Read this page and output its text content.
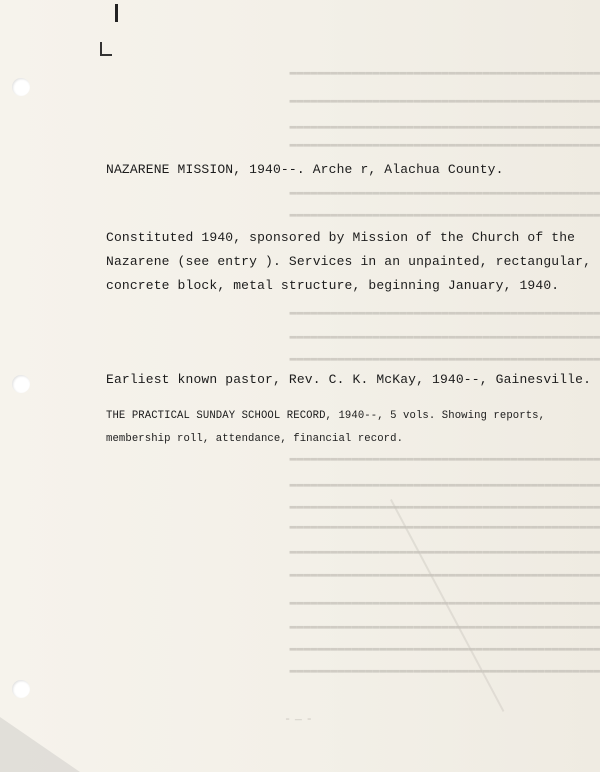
▬▬▬▬▬▬▬▬▬▬▬▬▬▬▬▬▬▬▬▬▬▬▬▬▬▬▬▬▬▬▬▬▬▬▬▬▬▬▬▬▬▬▬▬▬
▬▬▬▬▬▬▬▬▬▬▬▬▬▬▬▬▬▬▬▬▬▬▬▬▬▬▬▬▬▬▬▬▬▬▬▬▬▬▬▬▬▬▬▬▬
▬▬▬▬▬▬▬▬▬▬▬▬▬▬▬▬▬▬▬▬▬▬▬▬▬▬▬▬▬▬▬▬▬▬▬▬▬▬▬▬▬▬▬▬▬
▬▬▬▬▬▬▬▬▬▬▬▬▬▬▬▬▬▬▬▬▬▬▬▬▬▬▬▬▬▬▬▬▬▬▬▬▬▬▬▬▬▬▬▬▬
▬▬▬▬▬▬▬▬▬▬▬▬▬▬▬▬▬▬▬▬▬▬▬▬▬▬▬▬▬▬▬▬▬▬▬▬▬▬▬▬▬▬▬▬▬
▬▬▬▬▬▬▬▬▬▬▬▬▬▬▬▬▬▬▬▬▬▬▬▬▬▬▬▬▬▬▬▬▬▬▬▬▬▬▬▬▬▬▬▬▬
▬▬▬▬▬▬▬▬▬▬▬▬▬▬▬▬▬▬▬▬▬▬▬▬▬▬▬▬▬▬▬▬▬▬▬▬▬▬▬▬▬▬▬▬▬
▬▬▬▬▬▬▬▬▬▬▬▬▬▬▬▬▬▬▬▬▬▬▬▬▬▬▬▬▬▬▬▬▬▬▬▬▬▬▬▬▬▬▬▬▬
▬▬▬▬▬▬▬▬▬▬▬▬▬▬▬▬▬▬▬▬▬▬▬▬▬▬▬▬▬▬▬▬▬▬▬▬▬▬▬▬▬▬▬▬▬
▬▬▬▬▬▬▬▬▬▬▬▬▬▬▬▬▬▬▬▬▬▬▬▬▬▬▬▬▬▬▬▬▬▬▬▬▬▬▬▬▬▬▬▬▬
▬▬▬▬▬▬▬▬▬▬▬▬▬▬▬▬▬▬▬▬▬▬▬▬▬▬▬▬▬▬▬▬▬▬▬▬▬▬▬▬▬▬▬▬▬
▬▬▬▬▬▬▬▬▬▬▬▬▬▬▬▬▬▬▬▬▬▬▬▬▬▬▬▬▬▬▬▬▬▬▬▬▬▬▬▬▬▬▬▬▬
▬▬▬▬▬▬▬▬▬▬▬▬▬▬▬▬▬▬▬▬▬▬▬▬▬▬▬▬▬▬▬▬▬▬▬▬▬▬▬▬▬▬▬▬▬
▬▬▬▬▬▬▬▬▬▬▬▬▬▬▬▬▬▬▬▬▬▬▬▬▬▬▬▬▬▬▬▬▬▬▬▬▬▬▬▬▬▬▬▬▬
▬▬▬▬▬▬▬▬▬▬▬▬▬▬▬▬▬▬▬▬▬▬▬▬▬▬▬▬▬▬▬▬▬▬▬▬▬▬▬▬▬▬▬▬▬
▬▬▬▬▬▬▬▬▬▬▬▬▬▬▬▬▬▬▬▬▬▬▬▬▬▬▬▬▬▬▬▬▬▬▬▬▬▬▬▬▬▬▬▬▬
▬▬▬▬▬▬▬▬▬▬▬▬▬▬▬▬▬▬▬▬▬▬▬▬▬▬▬▬▬▬▬▬▬▬▬▬▬▬▬▬▬▬▬▬▬
▬▬▬▬▬▬▬▬▬▬▬▬▬▬▬▬▬▬▬▬▬▬▬▬▬▬▬▬▬▬▬▬▬▬▬▬▬▬▬▬▬▬▬▬▬
▬▬▬▬▬▬▬▬▬▬▬▬▬▬▬▬▬▬▬▬▬▬▬▬▬▬▬▬▬▬▬▬▬▬▬▬▬▬▬▬▬▬▬▬▬
- ̶ -
NAZARENE MISSION, 1940--. Arche r, Alachua County.
Constituted 1940, sponsored by Mission of the Church of the
Nazarene (see entry ). Services in an unpainted, rectangular,
concrete block, metal structure, beginning January, 1940.
Earliest known pastor, Rev. C. K. McKay, 1940--, Gainesville.
THE PRACTICAL SUNDAY SCHOOL RECORD, 1940--, 5 vols. Showing reports,
membership roll, attendance, financial record.
